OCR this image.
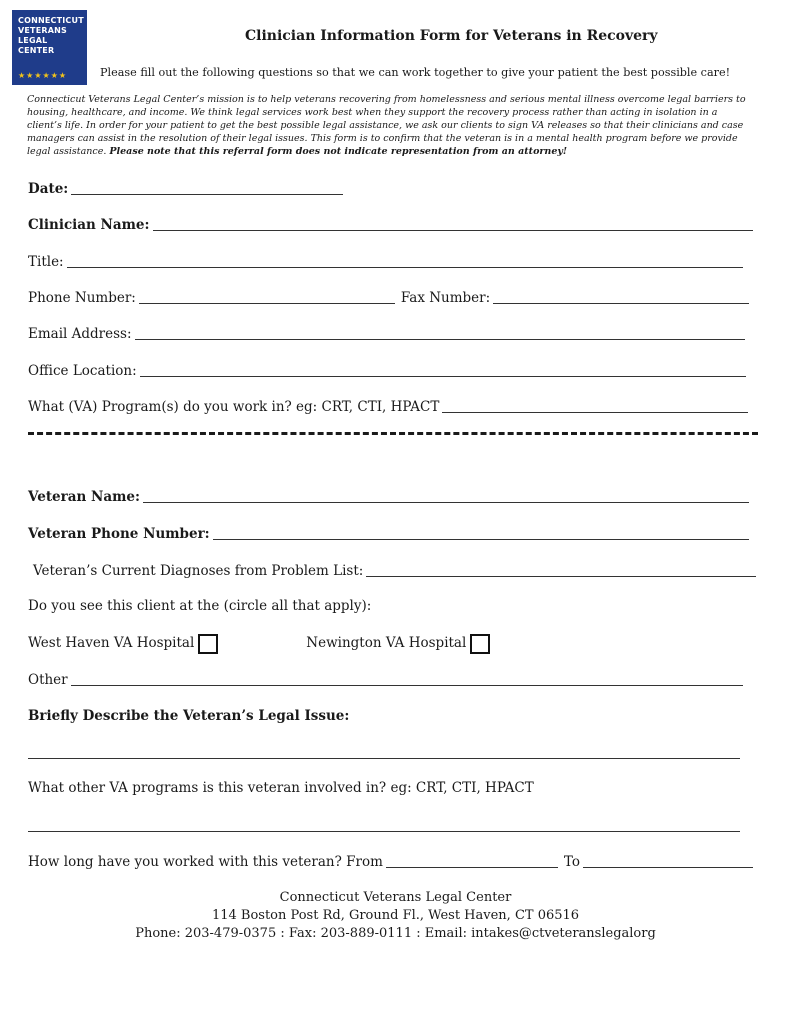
CONNECTICUT
VETERANS
LEGAL
CENTER
★★★★★★
Clinician Information Form for Veterans in Recovery
Please fill out the following questions so that we can work together to give your patient the best possible care!

Connecticut Veterans Legal Center’s mission is to help veterans recovering from homelessness and serious mental illness overcome legal barriers to housing, healthcare, and income. We think legal services work best when they support the recovery process rather than acting in isolation in a client’s life. In order for your patient to get the best possible legal assistance, we ask our clients to sign VA releases so that their clinicians and case managers can assist in the resolution of their legal issues. This form is to confirm that the veteran is in a mental health program before we provide legal assistance. Please note that this referral form does not indicate representation from an attorney!

Date:
Clinician Name:
Title:
Phone Number:	Fax Number:
Email Address:
Office Location:
What (VA) Program(s) do you work in? eg: CRT, CTI, HPACT
Veteran Name:
Veteran Phone Number:
Veteran’s Current Diagnoses from Problem List:
Do you see this client at the (circle all that apply):
West Haven VA Hospital	Newington VA Hospital
Other
Briefly Describe the Veteran’s Legal Issue:
What other VA programs is this veteran involved in? eg: CRT, CTI, HPACT
How long have you worked with this veteran? From	To
Connecticut Veterans Legal Center
114 Boston Post Rd, Ground Fl., West Haven, CT 06516
Phone: 203-479-0375 : Fax: 203-889-0111 : Email: intakes@ctveteranslegalorg
